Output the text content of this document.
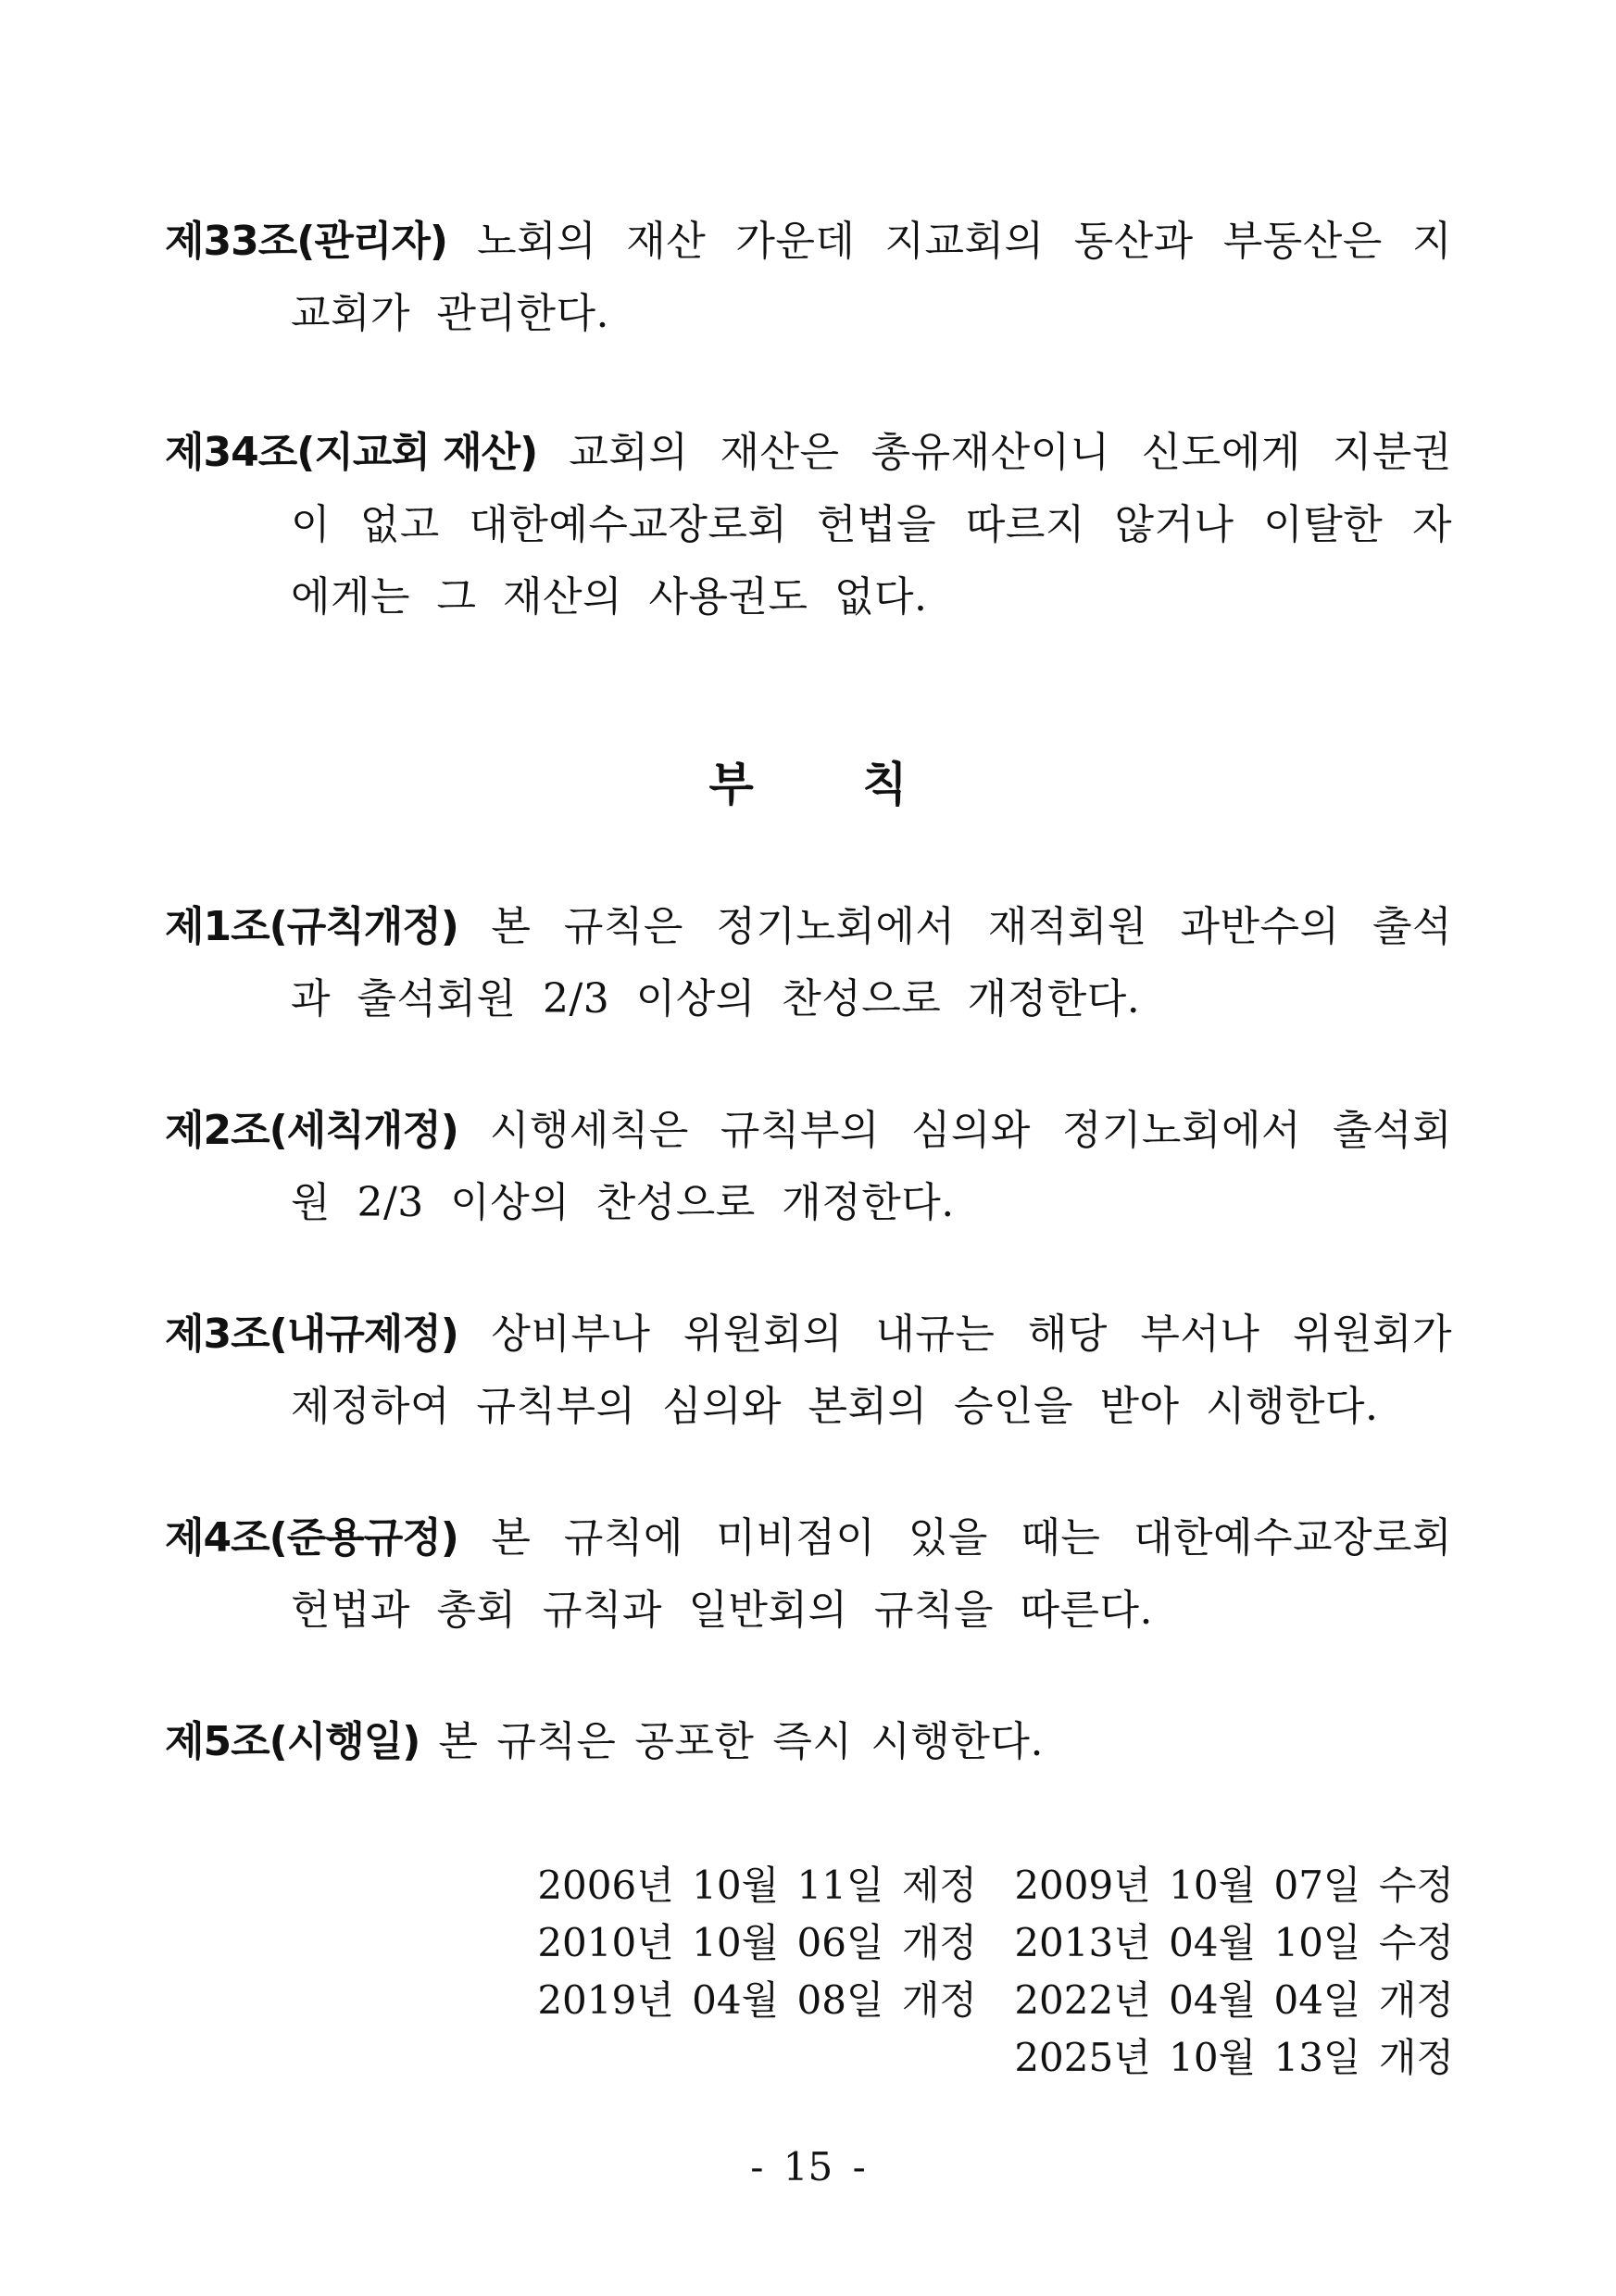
제33조(관리자) 노회의 재산 가운데 지교회의 동산과 부동산은 지
교회가 관리한다.
제34조(지교회 재산) 교회의 재산은 총유재산이니 신도에게 지분권
이 없고 대한예수교장로회 헌법을 따르지 않거나 이탈한 자
에게는 그 재산의 사용권도 없다.
부 칙
제1조(규칙개정) 본 규칙은 정기노회에서 재적회원 과반수의 출석
과 출석회원 2/3 이상의 찬성으로 개정한다.
제2조(세칙개정) 시행세칙은 규칙부의 심의와 정기노회에서 출석회
원 2/3 이상의 찬성으로 개정한다.
제3조(내규제정) 상비부나 위원회의 내규는 해당 부서나 위원회가
제정하여 규칙부의 심의와 본회의 승인을 받아 시행한다.
제4조(준용규정) 본 규칙에 미비점이 있을 때는 대한예수교장로회
헌법과 총회 규칙과 일반회의 규칙을 따른다.
제5조(시행일) 본 규칙은 공포한 즉시 시행한다.
2006년 10월 11일 제정 2009년 10월 07일 수정
2010년 10월 06일 개정 2013년 04월 10일 수정
2019년 04월 08일 개정 2022년 04월 04일 개정
2025년 10월 13일 개정
- 15 -
